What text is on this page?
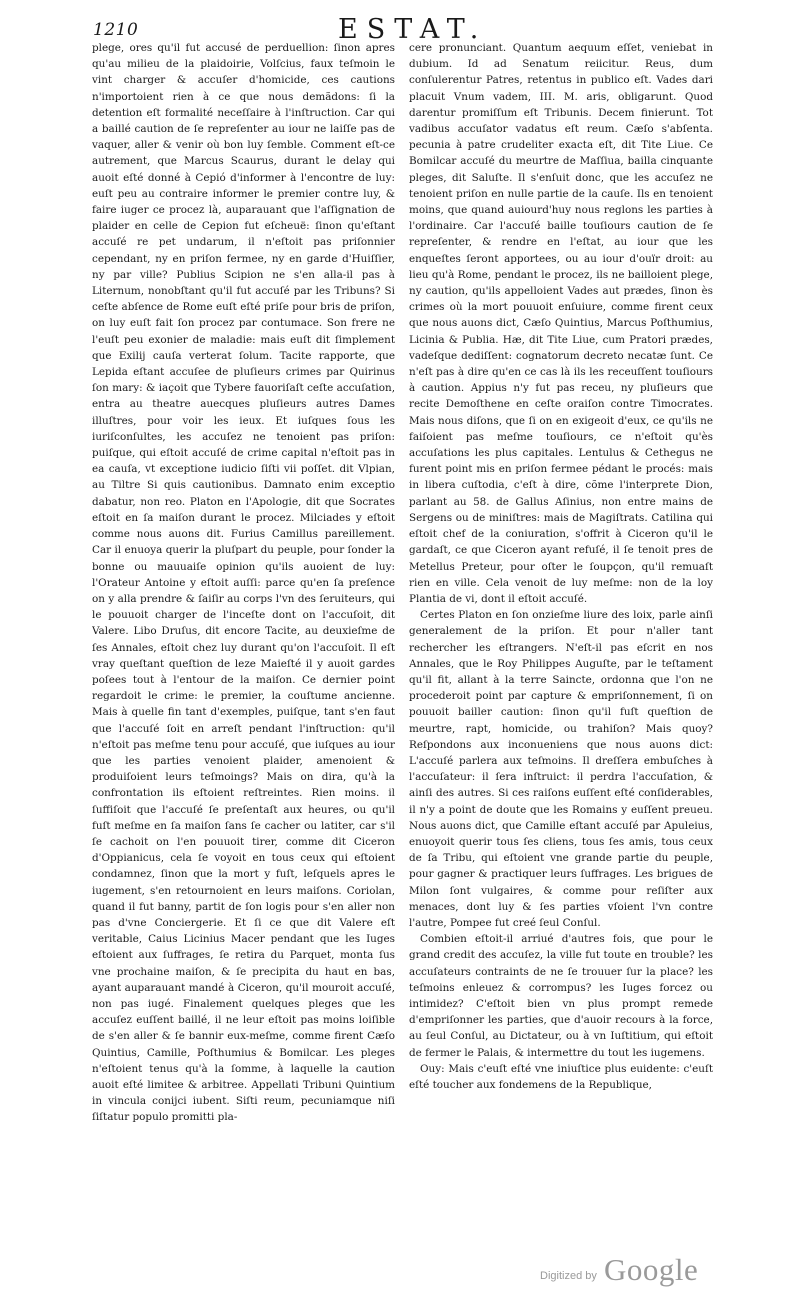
1210	ESTAT.

plege, ores qu'il fut accusé de perduellion: ſinon apres qu'au milieu de la plaidoirie, Volſcius, faux teſmoin le vint charger & accuſer d'homicide, ces cautions n'importoient rien à ce que nous demãdons: ſi la detention eſt formalité neceſſaire à l'inſtruction. Car qui a baillé caution de ſe repreſenter au iour ne laiſſe pas de vaquer, aller & venir où bon luy ſemble. Comment eſt-ce autrement, que Marcus Scaurus, durant le delay qui auoit eſté donné à Cepió d'informer à l'encontre de luy: euſt peu au contraire informer le premier contre luy, & faire iuger ce procez là, auparauant que l'aſſignation de plaider en celle de Cepion fut eſcheuë: ſinon qu'eſtant accuſé re pet undarum, il n'eſtoit pas priſonnier cependant, ny en priſon fermee, ny en garde d'Huiſſier, ny par ville? Publius Scipion ne s'en alla-il pas à Liternum, nonobſtant qu'il fut accuſé par les Tribuns? Si ceſte abſence de Rome euſt eſté priſe pour bris de priſon, on luy euſt fait ſon procez par contumace. Son frere ne l'euſt peu exonier de maladie: mais euſt dit ſimplement que Exilij cauſa verterat ſolum. Tacite rapporte, que Lepida eſtant accuſee de pluſieurs crimes par Quirinus ſon mary: & iaçoit que Tybere fauoriſaſt ceſte accuſation, entra au theatre auecques pluſieurs autres Dames illuſtres, pour voir les ieux. Et iuſques ſous les iuriſconſultes, les accuſez ne tenoient pas priſon: puiſque, qui eſtoit accuſé de crime capital n'eſtoit pas in ea cauſa, vt exceptione iudicio ſiſti vii poſſet. dit Vlpian, au Tiltre Si quis cautionibus. Damnato enim exceptio dabatur, non reo. Platon en l'Apologie, dit que Socrates eſtoit en ſa maiſon durant le procez. Milciades y eſtoit comme nous auons dit. Furius Camillus pareillement. Car il enuoya querir la pluſpart du peuple, pour ſonder la bonne ou mauuaiſe opinion qu'ils auoient de luy: l'Orateur Antoine y eſtoit auſſi: parce qu'en ſa preſence on y alla prendre & ſaiſir au corps l'vn des ſeruiteurs, qui le pouuoit charger de l'inceſte dont on l'accuſoit, dit Valere. Libo Druſus, dit encore Tacite, au deuxieſme de ſes Annales, eſtoit chez luy durant qu'on l'accuſoit. Il eſt vray queſtant queſtion de leze Maieſté il y auoit gardes poſees tout à l'entour de la maiſon. Ce dernier point regardoit le crime: le premier, la couſtume ancienne. Mais à quelle fin tant d'exemples, puiſque, tant s'en faut que l'accuſé ſoit en arreſt pendant l'inſtruction: qu'il n'eſtoit pas meſme tenu pour accuſé, que iuſques au iour que les parties venoient plaider, amenoient & produiſoient leurs teſmoings? Mais on dira, qu'à la confrontation ils eſtoient reſtreintes. Rien moins. il ſuffiſoit que l'accuſé ſe preſentaſt aux heures, ou qu'il fuſt meſme en ſa maiſon ſans ſe cacher ou latiter, car s'il ſe cachoit on l'en pouuoit tirer, comme dit Ciceron d'Oppianicus, cela ſe voyoit en tous ceux qui eſtoient condamnez, ſinon que la mort y fuſt, leſquels apres le iugement, s'en retournoient en leurs maiſons. Coriolan, quand il fut banny, partit de ſon logis pour s'en aller non pas d'vne Conciergerie. Et ſi ce que dit Valere eſt veritable, Caius Licinius Macer pendant que les Iuges eſtoient aux ſuffrages, ſe retira du Parquet, monta ſus vne prochaine maiſon, & ſe precipita du haut en bas, ayant auparauant mandé à Ciceron, qu'il mouroit accuſé, non pas iugé. Finalement quelques pleges que les accuſez euſſent baillé, il ne leur eſtoit pas moins loiſible de s'en aller & ſe bannir eux-meſme, comme firent Cæſo Quintius, Camille, Poſthumius & Bomilcar. Les pleges n'eſtoient tenus qu'à la ſomme, à laquelle la caution auoit eſté limitee & arbitree. Appellati Tribuni Quintium in vincula conijci iubent. Siſti reum, pecuniamque niſi ſiſtatur populo promitti pla-

cere pronunciant. Quantum aequum eſſet, veniebat in dubium. Id ad Senatum reiicitur. Reus, dum conſulerentur Patres, retentus in publico eſt. Vades dari placuit Vnum vadem, III. M. aris, obligarunt. Quod darentur promiſſum eſt Tribunis. Decem finierunt. Tot vadibus accuſator vadatus eſt reum. Cæſo s'abſenta. pecunia à patre crudeliter exacta eſt, dit Tite Liue. Ce Bomilcar accuſé du meurtre de Maſſiua, bailla cinquante pleges, dit Saluſte. Il s'enſuit donc, que les accuſez ne tenoient priſon en nulle partie de la cauſe. Ils en tenoient moins, que quand auiourd'huy nous reglons les parties à l'ordinaire. Car l'accuſé baille touſiours caution de ſe repreſenter, & rendre en l'eſtat, au iour que les enqueſtes ſeront apportees, ou au iour d'ouïr droit: au lieu qu'à Rome, pendant le procez, ils ne bailloient plege, ny caution, qu'ils appelloient Vades aut prædes, ſinon ès crimes où la mort pouuoit enſuiure, comme firent ceux que nous auons dict, Cæſo Quintius, Marcus Poſthumius, Licinia & Publia. Hæ, dit Tite Liue, cum Pratori prædes, vadeſque dediſſent: cognatorum decreto necatæ ſunt. Ce n'eſt pas à dire qu'en ce cas là ils les receuſſent touſiours à caution. Appius n'y fut pas receu, ny pluſieurs que recite Demoſthene en ceſte oraiſon contre Timocrates. Mais nous diſons, que ſi on en exigeoit d'eux, ce qu'ils ne faiſoient pas meſme touſiours, ce n'eſtoit qu'ès accuſations les plus capitales. Lentulus & Cethegus ne furent point mis en priſon fermee pédant le procés: mais in libera cuſtodia, c'eſt à dire, cõme l'interprete Dion, parlant au 58. de Gallus Aſinius, non entre mains de Sergens ou de miniſtres: mais de Magiſtrats. Catilina qui eſtoit chef de la coniuration, s'offrit à Ciceron qu'il le gardaſt, ce que Ciceron ayant refuſé, il ſe tenoit pres de Metellus Preteur, pour oſter le ſoupçon, qu'il remuaſt rien en ville. Cela venoit de luy meſme: non de la loy Plantia de vi, dont il eſtoit accuſé.

Certes Platon en ſon onzieſme liure des loix, parle ainſi generalement de la priſon. Et pour n'aller tant rechercher les eſtrangers. N'eſt-il pas eſcrit en nos Annales, que le Roy Philippes Auguſte, par le teſtament qu'il fit, allant à la terre Saincte, ordonna que l'on ne procederoit point par capture & empriſonnement, ſi on pouuoit bailler caution: ſinon qu'il fuſt queſtion de meurtre, rapt, homicide, ou trahiſon? Mais quoy? Reſpondons aux inconueniens que nous auons dict: L'accuſé parlera aux teſmoins. Il dreſſera embuſches à l'accuſateur: il ſera inſtruict: il perdra l'accuſation, & ainſi des autres. Si ces raiſons euſſent eſté conſiderables, il n'y a point de doute que les Romains y euſſent preueu. Nous auons dict, que Camille eſtant accuſé par Apuleius, enuoyoit querir tous ſes cliens, tous ſes amis, tous ceux de ſa Tribu, qui eſtoient vne grande partie du peuple, pour gagner & practiquer leurs ſuffrages. Les brigues de Milon ſont vulgaires, & comme pour reſiſter aux menaces, dont luy & ſes parties vſoient l'vn contre l'autre, Pompee fut creé ſeul Conſul.

Combien eſtoit-il arriué d'autres fois, que pour le grand credit des accuſez, la ville fut toute en trouble? les accuſateurs contraints de ne ſe trouuer ſur la place? les teſmoins enleuez & corrompus? les Iuges forcez ou intimidez? C'eſtoit bien vn plus prompt remede d'empriſonner les parties, que d'auoir recours à la force, au ſeul Conſul, au Dictateur, ou à vn Iuſtitium, qui eſtoit de fermer le Palais, & intermettre du tout les iugemens.

Ouy: Mais c'euſt eſté vne iniuſtice plus euidente: c'euſt eſté toucher aux fondemens de la Republique,

Digitized by Google
